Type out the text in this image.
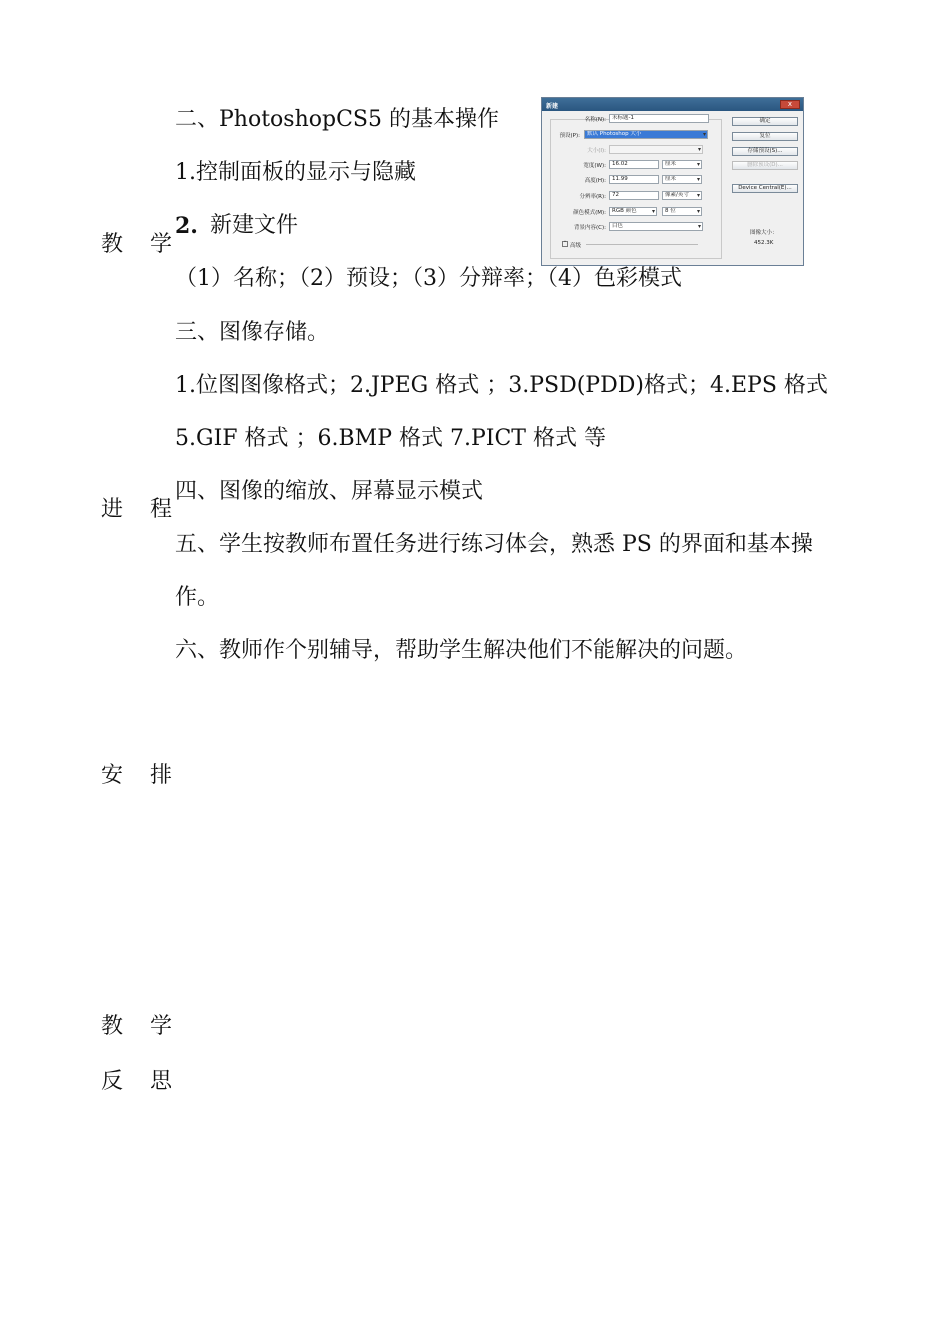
教 学
进 程
安 排
教 学
反 思
二、PhotoshopCS5 的基本操作
1.控制面板的显示与隐藏
2. 新建文件
（1）名称；（2）预设；（3）分辩率；（4）色彩模式
三、图像存储。
1.位图图像格式；2.JPEG 格式 ；3.PSD(PDD)格式；4.EPS 格式
5.GIF 格式 ；6.BMP 格式 7.PICT 格式 等
四、图像的缩放、屏幕显示模式
五、学生按教师布置任务进行练习体会，熟悉 PS 的界面和基本操
作。
六、教师作个别辅导，帮助学生解决他们不能解决的问题。
新建	x
名称(N):	未标题-1
预设(P):	默认 Photoshop 大小 ▾
大小(I):
▾
宽度(W):	16.02	厘米 ▾
高度(H):	11.99	厘米 ▾
分辨率(R):	72	像素/英寸 ▾
颜色模式(M):	RGB 颜色 ▾	8 位 ▾
背景内容(C):	白色 ▾
˅ 高级
确定
复位
存储预设(S)...
删除预设(D)...
Device Central(E)...
图像大小：
452.3K
